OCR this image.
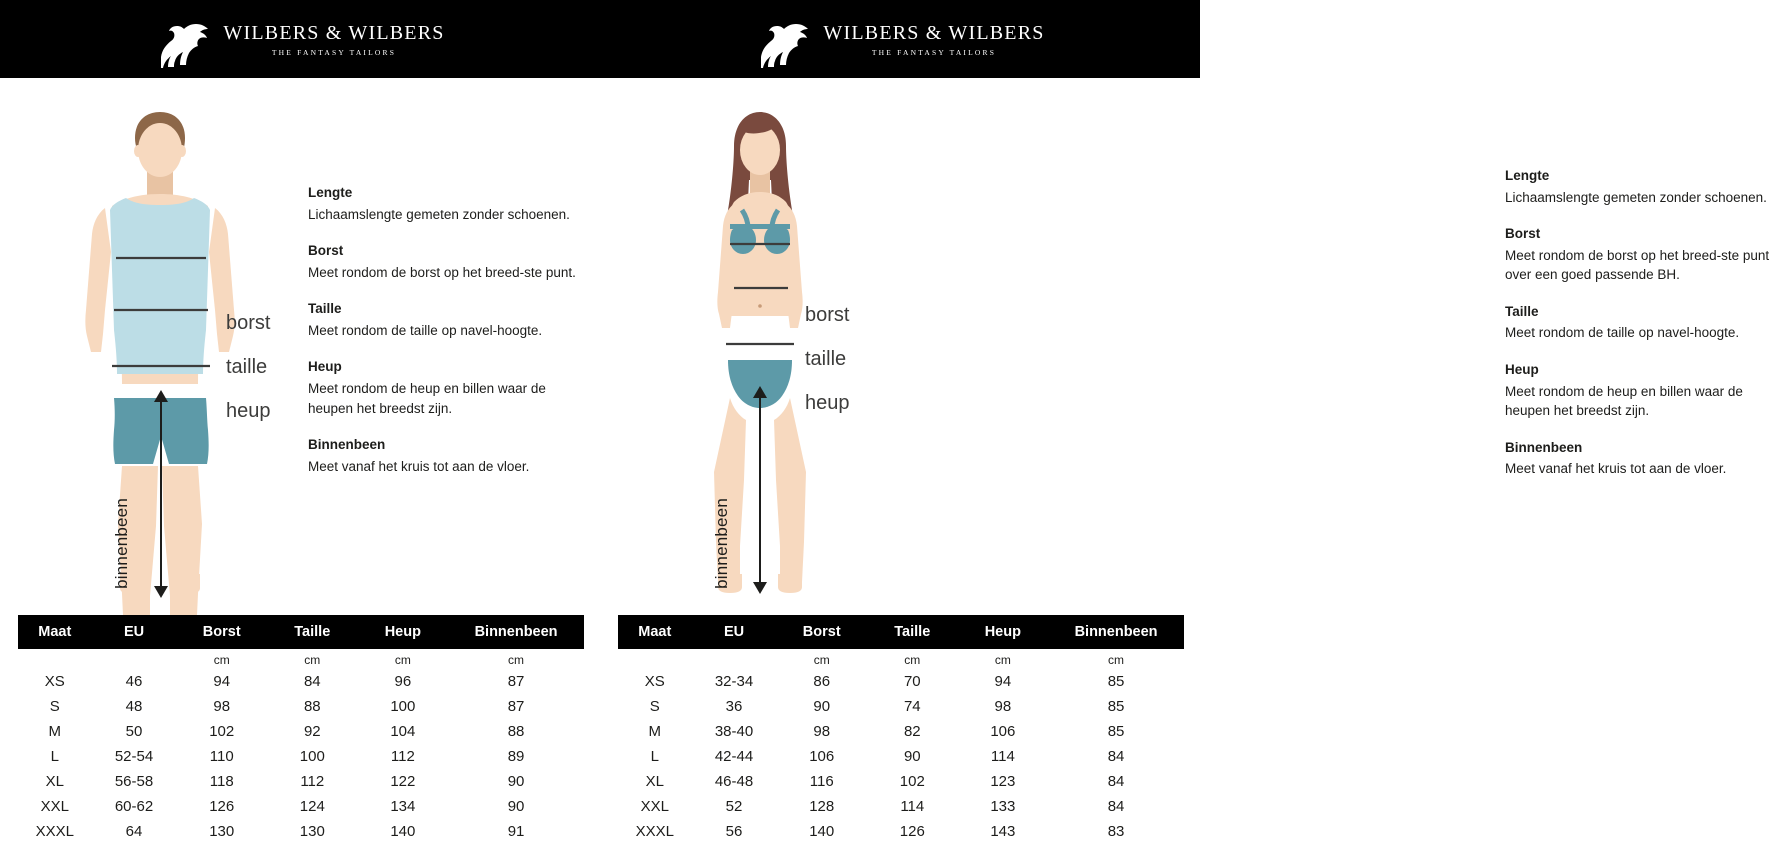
WILBERS & WILBERS
THE FANTASY TAILORS
WILBERS & WILBERS
THE FANTASY TAILORS
binnenbeen
borst
taille
heup
Lengte

Lichaamslengte gemeten zonder schoenen.

Borst

Meet rondom de borst op het breed-ste punt.

Taille

Meet rondom de taille op navel-hoogte.

Heup

Meet rondom de heup en billen waar de heupen het breedst zijn.

Binnenbeen

Meet vanaf het kruis tot aan de vloer.

binnenbeen
borst
taille
heup
Lengte

Lichaamslengte gemeten zonder schoenen.

Borst

Meet rondom de borst op het breed-ste punt over een goed passende BH.

Taille

Meet rondom de taille op navel-hoogte.

Heup

Meet rondom de heup en billen waar de heupen het breedst zijn.

Binnenbeen

Meet vanaf het kruis tot aan de vloer.

Maat	EU	Borst	Taille	Heup	Binnenbeen
		cm	cm	cm	cm
XS	46	94	84	96	87
S	48	98	88	100	87
M	50	102	92	104	88
L	52-54	110	100	112	89
XL	56-58	118	112	122	90
XXL	60-62	126	124	134	90
XXXL	64	130	130	140	91
Maat	EU	Borst	Taille	Heup	Binnenbeen
		cm	cm	cm	cm
XS	32-34	86	70	94	85
S	36	90	74	98	85
M	38-40	98	82	106	85
L	42-44	106	90	114	84
XL	46-48	116	102	123	84
XXL	52	128	114	133	84
XXXL	56	140	126	143	83
